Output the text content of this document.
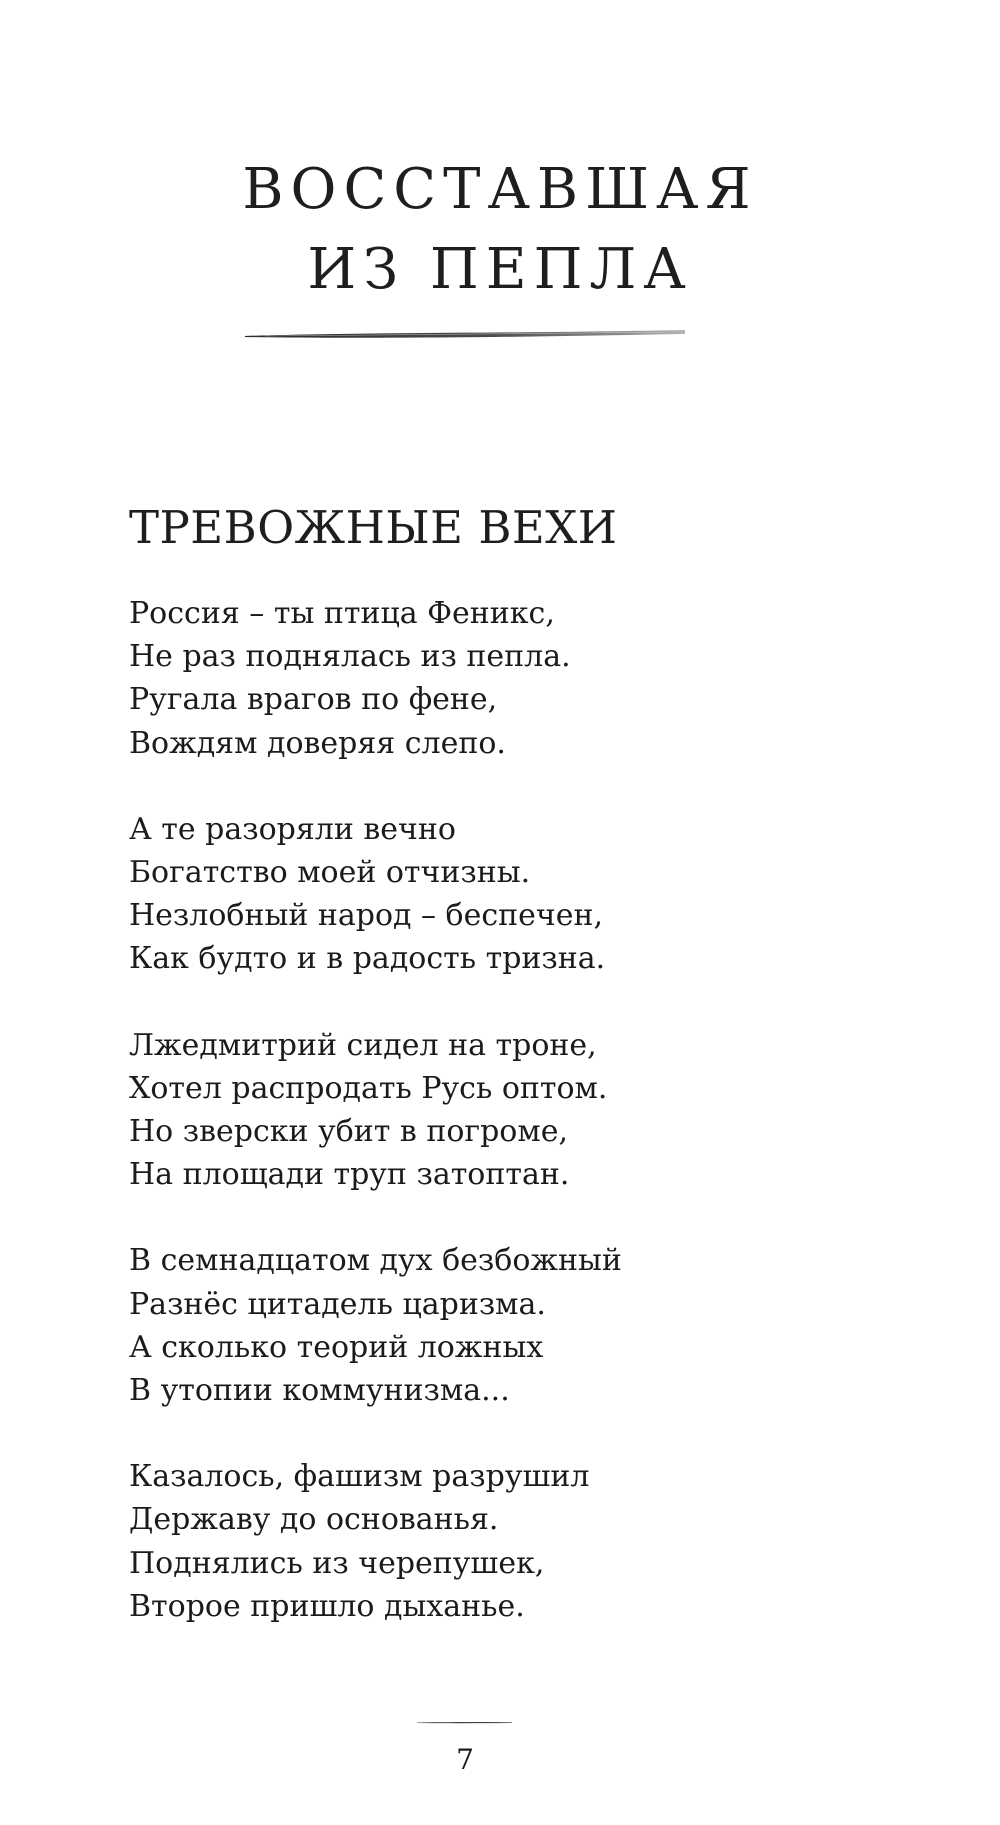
ВОССТАВШАЯ
ИЗ ПЕПЛА
ТРЕВОЖНЫЕ ВЕХИ

Россия – ты птица Феникс,
Не раз поднялась из пепла.
Ругала врагов по фене,
Вождям доверяя слепо.

А те разоряли вечно
Богатство моей отчизны.
Незлобный народ – беспечен,
Как будто и в радость тризна.

Лжедмитрий сидел на троне,
Хотел распродать Русь оптом.
Но зверски убит в погроме,
На площади труп затоптан.

В семнадцатом дух безбожный
Разнёс цитадель царизма.
А сколько теорий ложных
В утопии коммунизма...

Казалось, фашизм разрушил
Державу до основанья.
Поднялись из черепушек,
Второе пришло дыханье.

7
